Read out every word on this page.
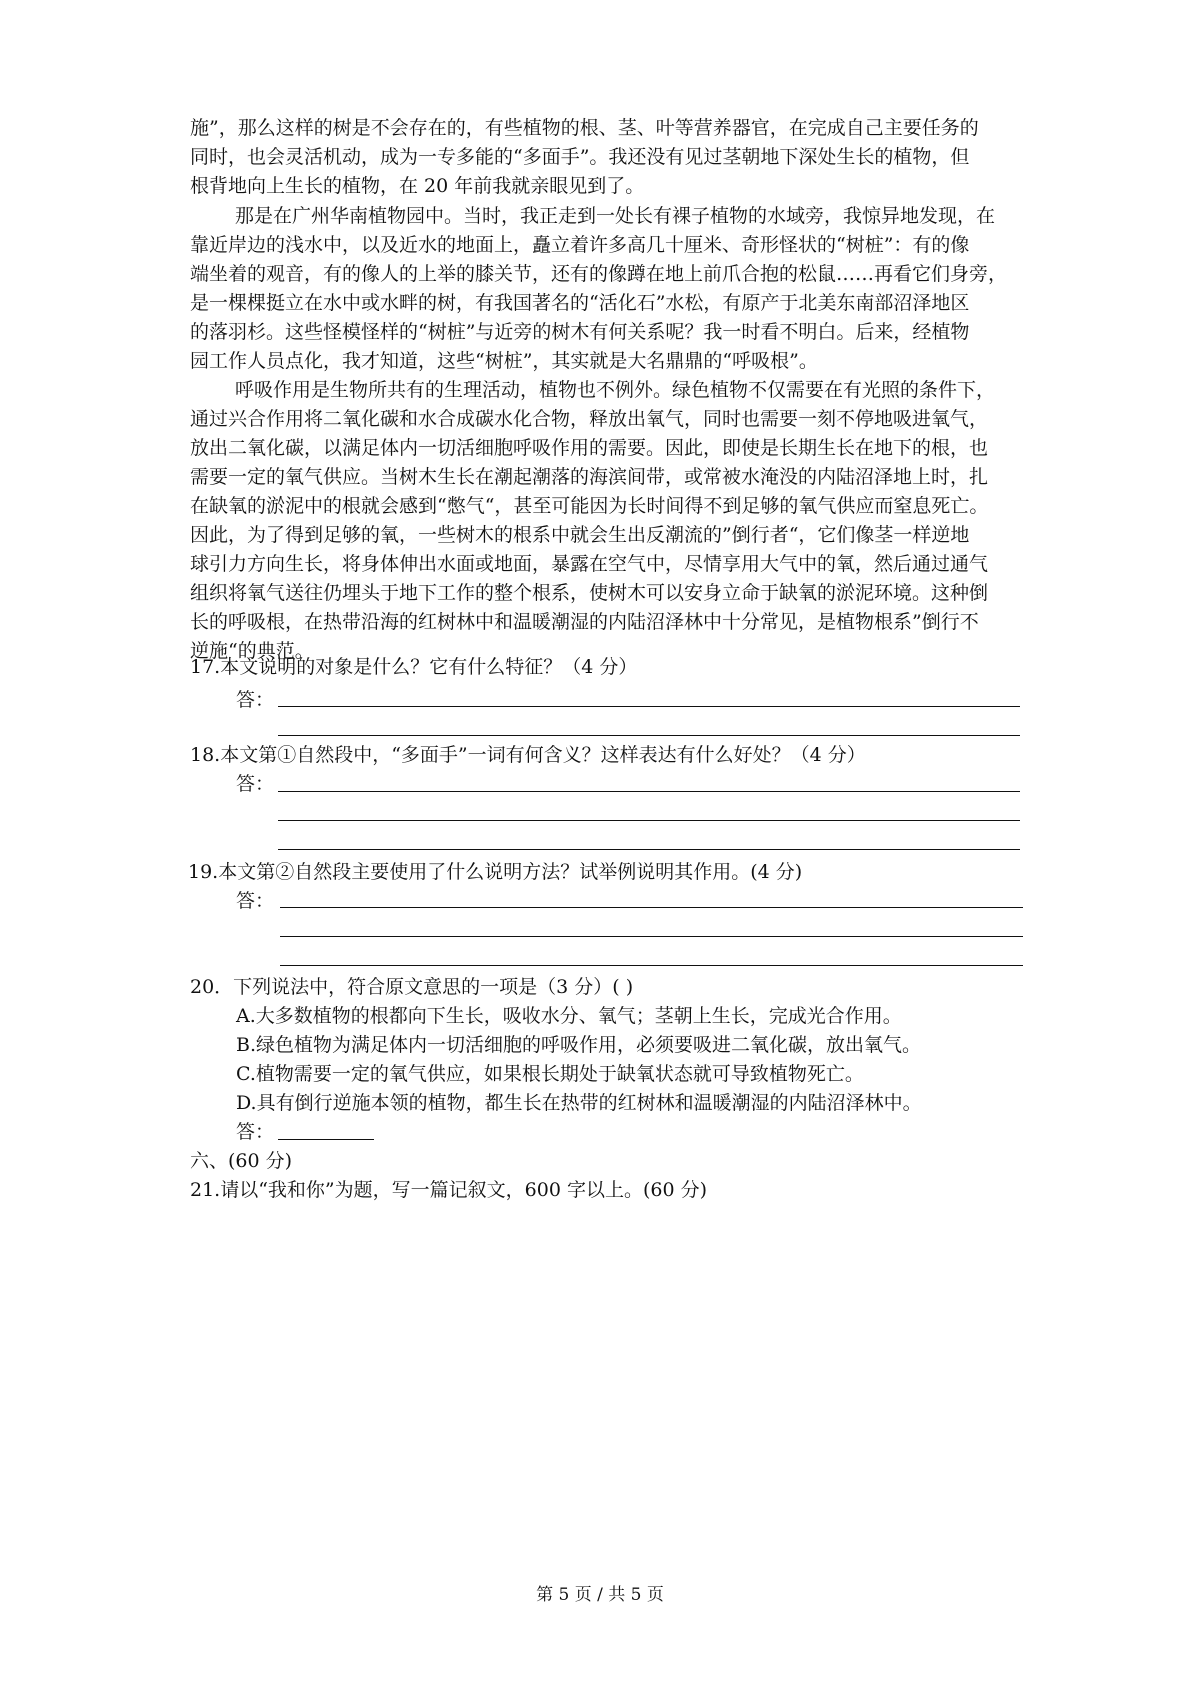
施”，那么这样的树是不会存在的，有些植物的根、茎、叶等营养器官，在完成自己主要任务的
同时，也会灵活机动，成为一专多能的“多面手”。我还没有见过茎朝地下深处生长的植物，但
根背地向上生长的植物，在 20 年前我就亲眼见到了。
那是在广州华南植物园中。当时，我正走到一处长有裸子植物的水域旁，我惊异地发现，在
靠近岸边的浅水中，以及近水的地面上，矗立着许多高几十厘米、奇形怪状的“树桩”：有的像
端坐着的观音，有的像人的上举的膝关节，还有的像蹲在地上前爪合抱的松鼠……再看它们身旁，
是一棵棵挺立在水中或水畔的树，有我国著名的“活化石”水松，有原产于北美东南部沼泽地区
的落羽杉。这些怪模怪样的“树桩”与近旁的树木有何关系呢？我一时看不明白。后来，经植物
园工作人员点化，我才知道，这些“树桩”，其实就是大名鼎鼎的“呼吸根”。
呼吸作用是生物所共有的生理活动，植物也不例外。绿色植物不仅需要在有光照的条件下，
通过兴合作用将二氧化碳和水合成碳水化合物，释放出氧气，同时也需要一刻不停地吸进氧气，
放出二氧化碳，以满足体内一切活细胞呼吸作用的需要。因此，即使是长期生长在地下的根，也
需要一定的氧气供应。当树木生长在潮起潮落的海滨间带，或常被水淹没的内陆沼泽地上时，扎
在缺氧的淤泥中的根就会感到“憋气“，甚至可能因为长时间得不到足够的氧气供应而窒息死亡。
因此，为了得到足够的氧，一些树木的根系中就会生出反潮流的”倒行者“，它们像茎一样逆地
球引力方向生长，将身体伸出水面或地面，暴露在空气中，尽情享用大气中的氧，然后通过通气
组织将氧气送往仍埋头于地下工作的整个根系，使树木可以安身立命于缺氧的淤泥环境。这种倒
长的呼吸根，在热带沿海的红树林中和温暖潮湿的内陆沼泽林中十分常见，是植物根系”倒行不
逆施“的典范。
17.本文说明的对象是什么？它有什么特征？（4 分）
答：
18.本文第①自然段中，“多面手”一词有何含义？这样表达有什么好处？（4 分）
答：
19.本文第②自然段主要使用了什么说明方法？试举例说明其作用。(4 分)
答：
20．下列说法中，符合原文意思的一项是（3 分）( )
A.大多数植物的根都向下生长，吸收水分、氧气；茎朝上生长，完成光合作用。
B.绿色植物为满足体内一切活细胞的呼吸作用，必须要吸进二氧化碳，放出氧气。
C.植物需要一定的氧气供应，如果根长期处于缺氧状态就可导致植物死亡。
D.具有倒行逆施本领的植物，都生长在热带的红树林和温暖潮湿的内陆沼泽林中。
答：
六、(60 分)
21.请以“我和你”为题，写一篇记叙文，600 字以上。(60 分)
第 5 页 / 共 5 页
